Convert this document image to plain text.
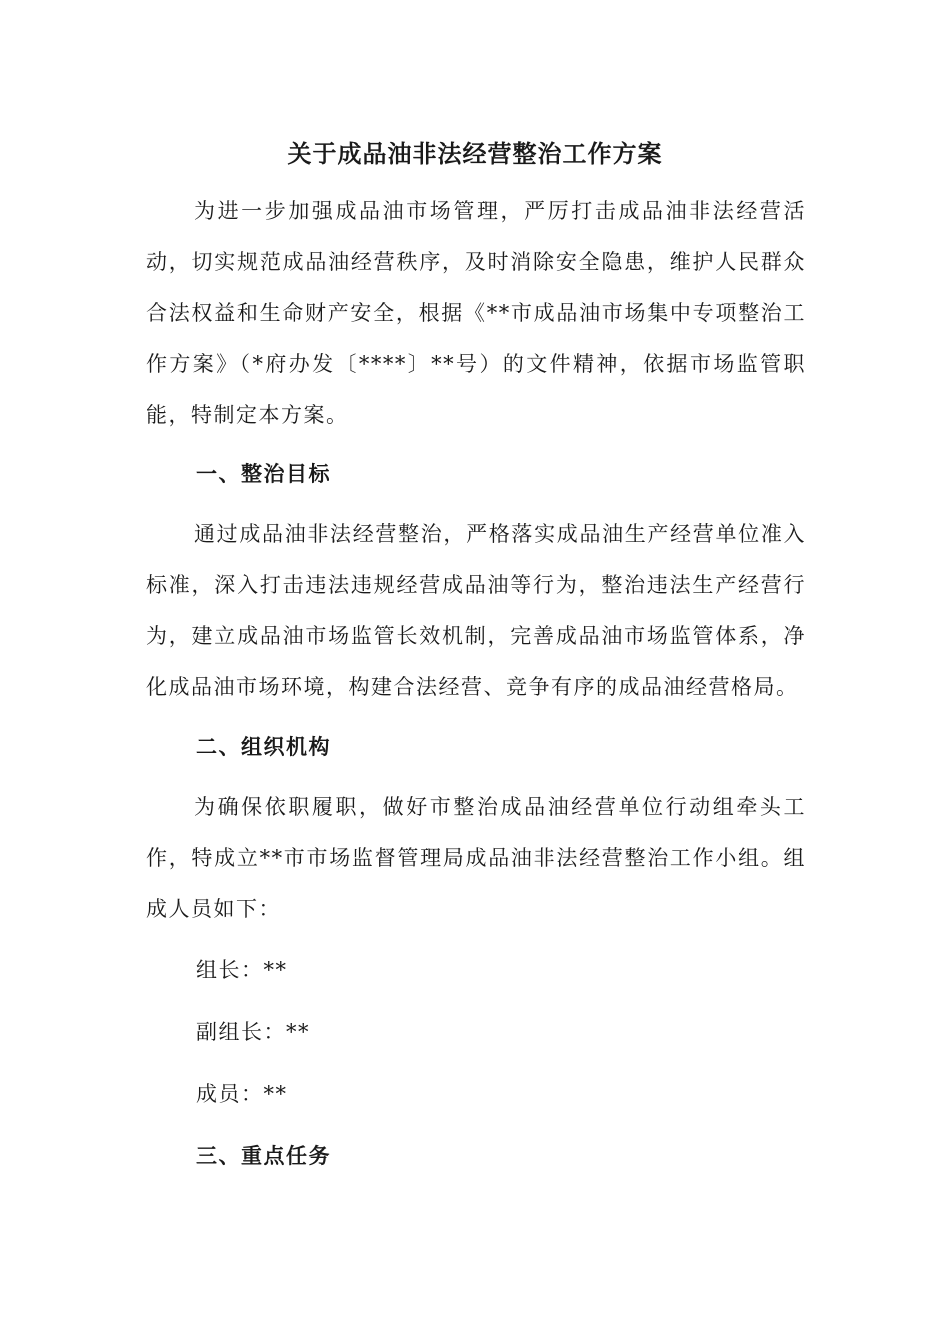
关于成品油非法经营整治工作方案

为进一步加强成品油市场管理，严厉打击成品油非法经营活动，切实规范成品油经营秩序，及时消除安全隐患，维护人民群众合法权益和生命财产安全，根据《**市成品油市场集中专项整治工作方案》（*府办发〔****〕**号）的文件精神，依据市场监管职能，特制定本方案。

一、整治目标

通过成品油非法经营整治，严格落实成品油生产经营单位准入标准，深入打击违法违规经营成品油等行为，整治违法生产经营行为，建立成品油市场监管长效机制，完善成品油市场监管体系，净化成品油市场环境，构建合法经营、竞争有序的成品油经营格局。

二、组织机构

为确保依职履职，做好市整治成品油经营单位行动组牵头工作，特成立**市市场监督管理局成品油非法经营整治工作小组。组成人员如下：

组长：**
副组长：**
成员：**
三、重点任务
